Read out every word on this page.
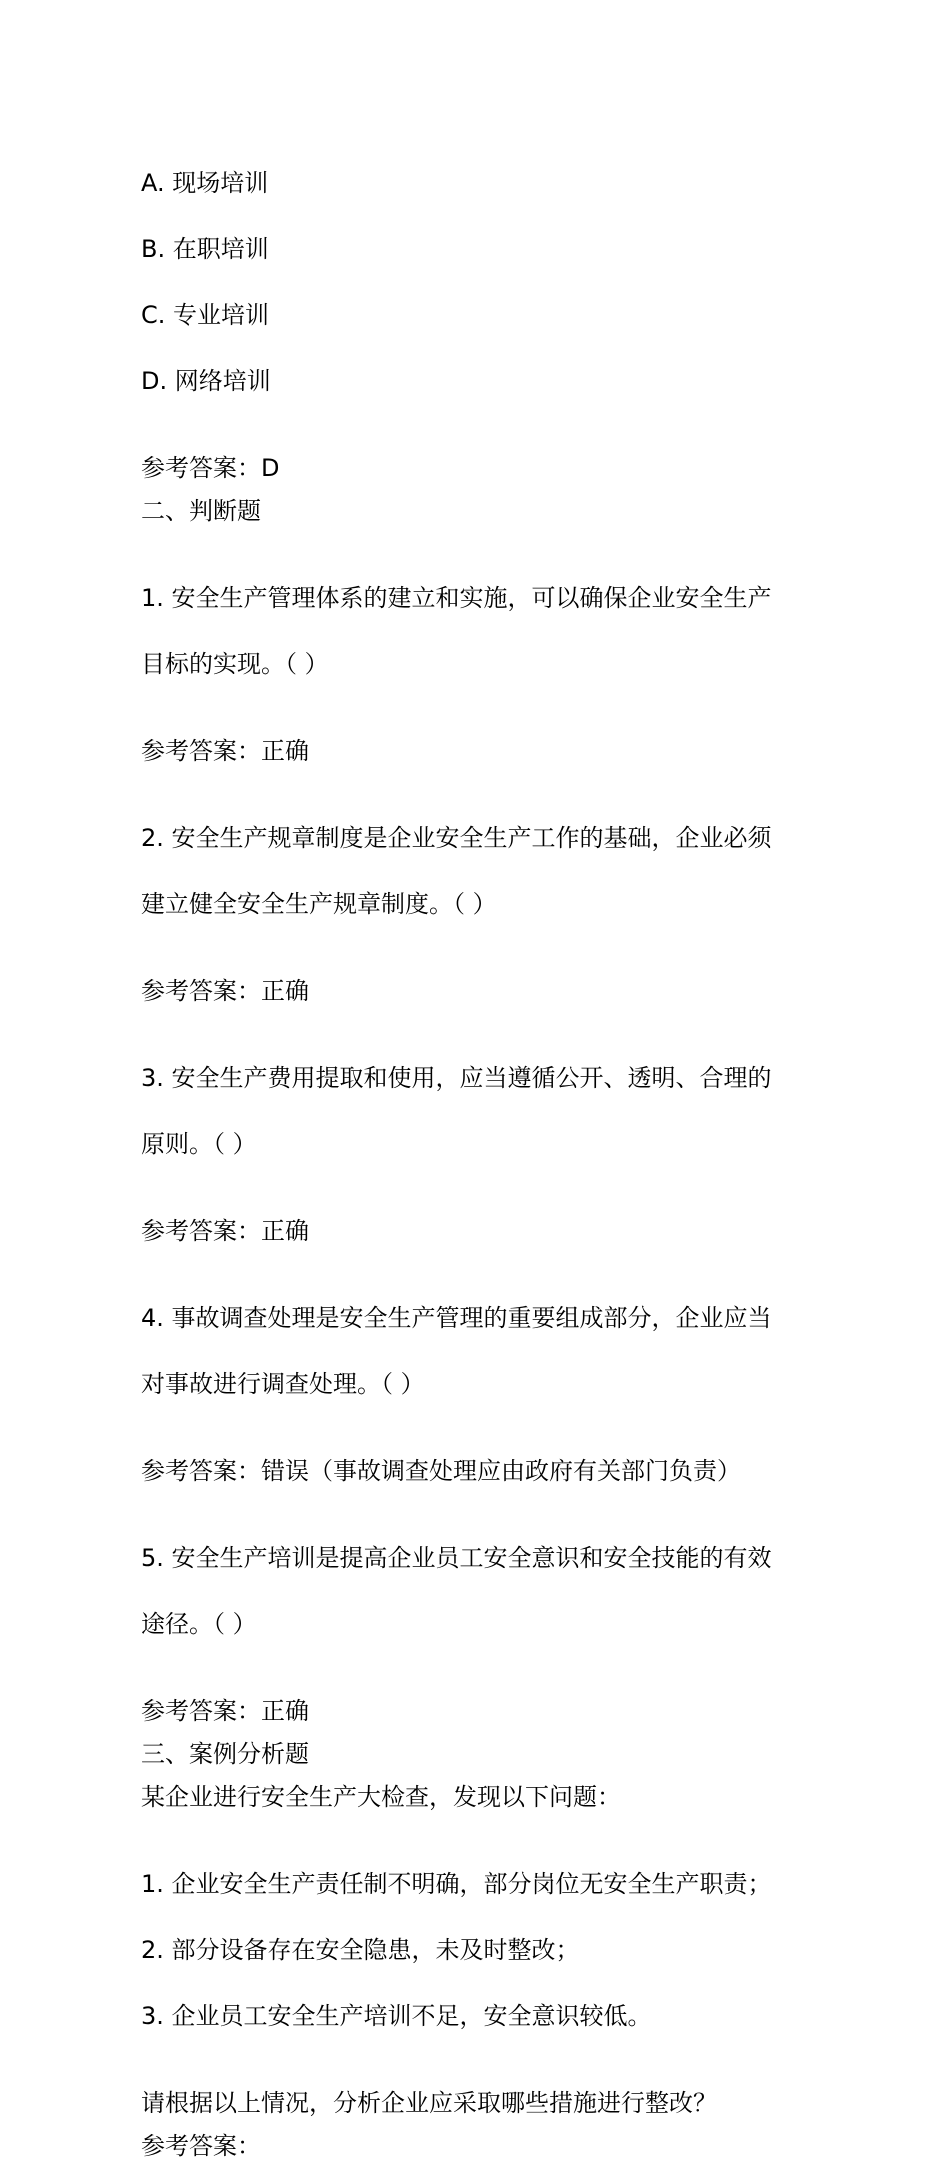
A. 现场培训

B. 在职培训

C. 专业培训

D. 网络培训

参考答案：D
二、判断题

1. 安全生产管理体系的建立和实施，可以确保企业安全生产

目标的实现。（ ）

参考答案：正确

2. 安全生产规章制度是企业安全生产工作的基础，企业必须

建立健全安全生产规章制度。（ ）

参考答案：正确

3. 安全生产费用提取和使用，应当遵循公开、透明、合理的

原则。（ ）

参考答案：正确

4. 事故调查处理是安全生产管理的重要组成部分，企业应当

对事故进行调查处理。（ ）

参考答案：错误（事故调查处理应由政府有关部门负责）

5. 安全生产培训是提高企业员工安全意识和安全技能的有效

途径。（ ）

参考答案：正确
三、案例分析题
某企业进行安全生产大检查，发现以下问题：

1. 企业安全生产责任制不明确，部分岗位无安全生产职责；

2. 部分设备存在安全隐患，未及时整改；

3. 企业员工安全生产培训不足，安全意识较低。

请根据以上情况，分析企业应采取哪些措施进行整改？
参考答案：
